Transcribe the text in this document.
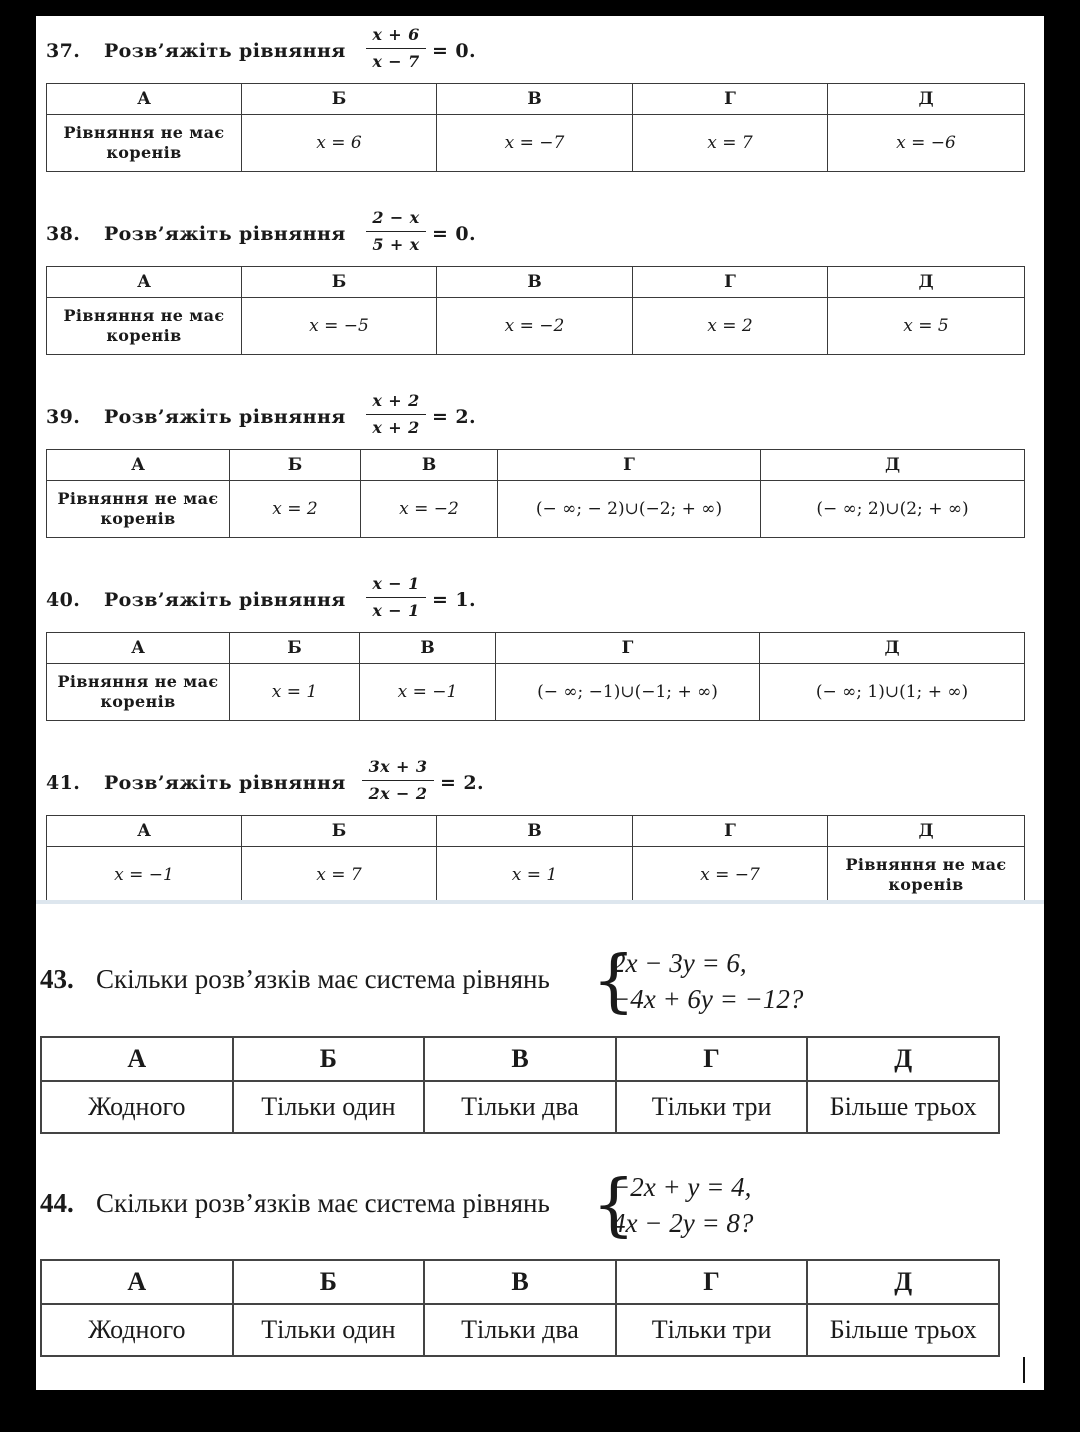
37. Розв’яжіть рівняння
x + 6
x − 7 = 0.
А	Б	В	Г	Д
Рівняння не має коренів	x = 6	x = −7	x = 7	x = −6
38. Розв’яжіть рівняння
2 − x
5 + x = 0.
А	Б	В	Г	Д
Рівняння не має коренів	x = −5	x = −2	x = 2	x = 5
39. Розв’яжіть рівняння
x + 2
x + 2 = 2.
А	Б	В	Г	Д
Рівняння не має коренів	x = 2	x = −2	(− ∞; − 2)∪(−2; + ∞)	(− ∞; 2)∪(2; + ∞)
40. Розв’яжіть рівняння
x − 1
x − 1 = 1.
А	Б	В	Г	Д
Рівняння не має коренів	x = 1	x = −1	(− ∞; −1)∪(−1; + ∞)	(− ∞; 1)∪(1; + ∞)
41. Розв’яжіть рівняння
3x + 3
2x − 2 = 2.
А	Б	В	Г	Д
x = −1	x = 7	x = 1	x = −7	Рівняння не має коренів
43. Скільки розв’язків має система рівнянь {
2x − 3y = 6,
−4x + 6y = −12?
А	Б	В	Г	Д
Жодного	Тільки один	Тільки два	Тільки три	Більше трьох
44. Скільки розв’язків має система рівнянь {
−2x + y = 4,
4x − 2y = 8?
А	Б	В	Г	Д
Жодного	Тільки один	Тільки два	Тільки три	Більше трьох
